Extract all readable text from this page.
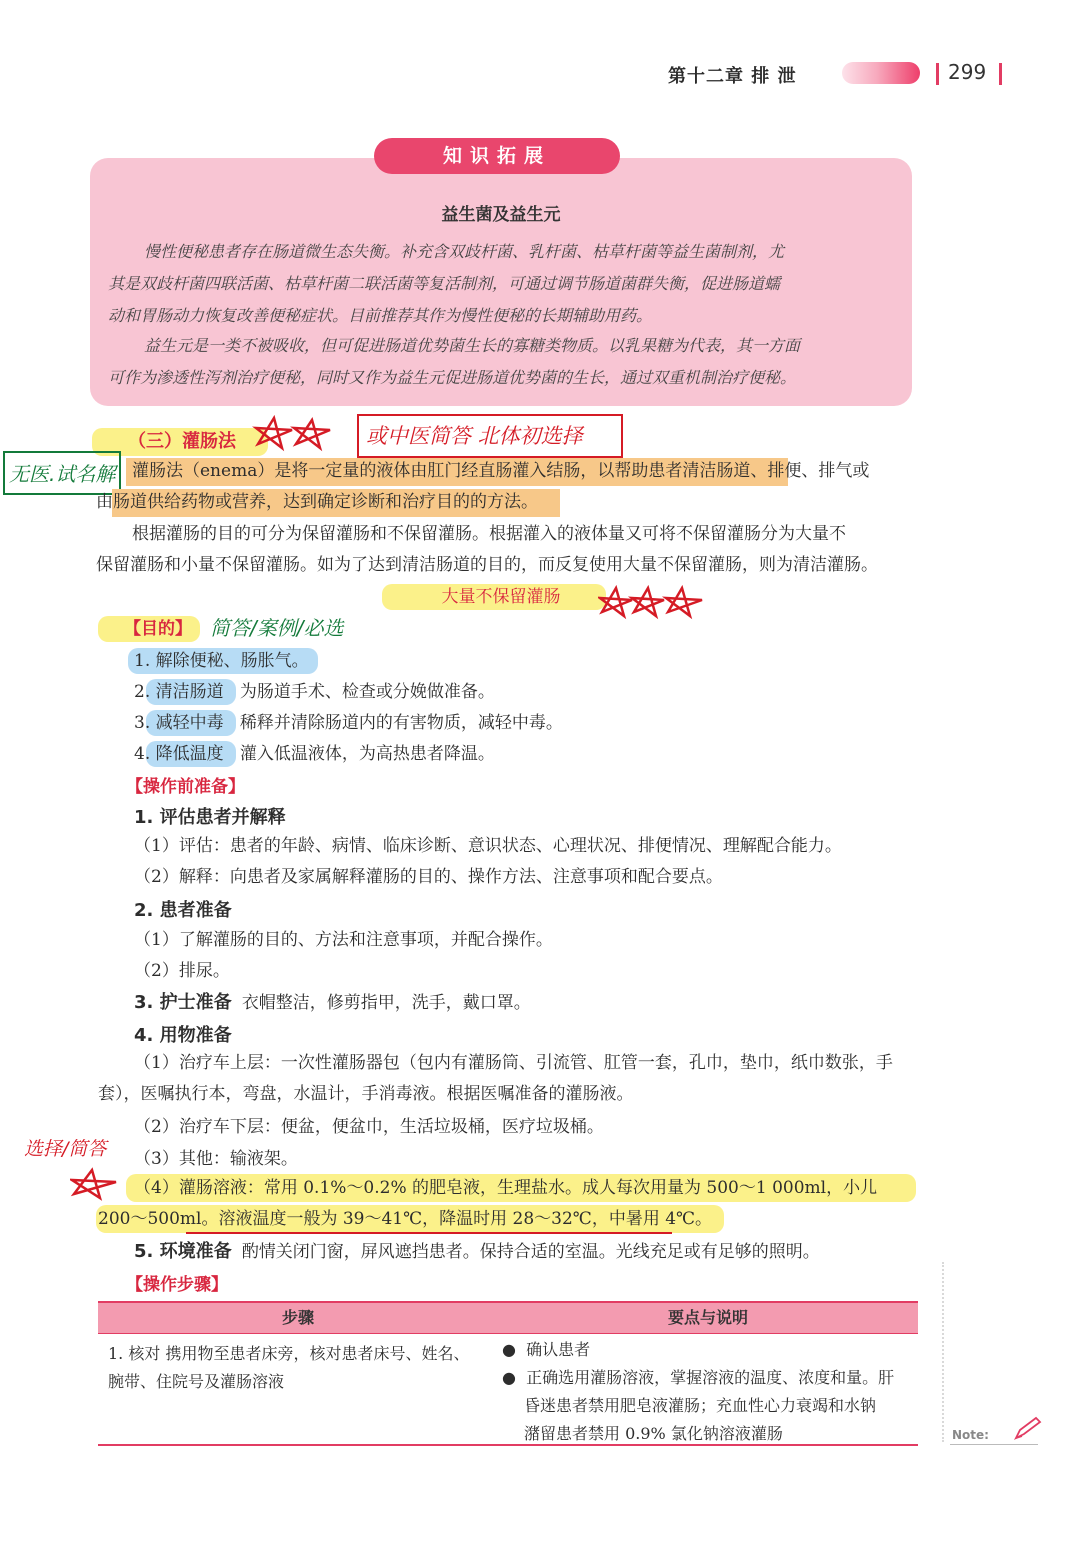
第十二章 排 泄	299
知识拓展
益生菌及益生元
慢性便秘患者存在肠道微生态失衡。补充含双歧杆菌、乳杆菌、枯草杆菌等益生菌制剂，尤
其是双歧杆菌四联活菌、枯草杆菌二联活菌等复活制剂，可通过调节肠道菌群失衡，促进肠道蠕
动和胃肠动力恢复改善便秘症状。目前推荐其作为慢性便秘的长期辅助用药。
益生元是一类不被吸收，但可促进肠道优势菌生长的寡糖类物质。以乳果糖为代表，其一方面
可作为渗透性泻剂治疗便秘，同时又作为益生元促进肠道优势菌的生长，通过双重机制治疗便秘。
（三）灌肠法	或中医简答 北体初选择
无医.试名解 灌肠法（enema）是将一定量的液体由肛门经直肠灌入结肠，以帮助患者清洁肠道、排便、排气或
由肠道供给药物或营养，达到确定诊断和治疗目的的方法。
根据灌肠的目的可分为保留灌肠和不保留灌肠。根据灌入的液体量又可将不保留灌肠分为大量不
保留灌肠和小量不保留灌肠。如为了达到清洁肠道的目的，而反复使用大量不保留灌肠，则为清洁灌肠。
大量不保留灌肠
【目的】 简答/案例/必选
1. 解除便秘、肠胀气。
2. 清洁肠道 为肠道手术、检查或分娩做准备。
3. 减轻中毒 稀释并清除肠道内的有害物质，减轻中毒。
4. 降低温度 灌入低温液体，为高热患者降温。
【操作前准备】
1. 评估患者并解释
（1）评估：患者的年龄、病情、临床诊断、意识状态、心理状况、排便情况、理解配合能力。
（2）解释：向患者及家属解释灌肠的目的、操作方法、注意事项和配合要点。
2. 患者准备
（1）了解灌肠的目的、方法和注意事项，并配合操作。
（2）排尿。
3. 护士准备 衣帽整洁，修剪指甲，洗手，戴口罩。
4. 用物准备
（1）治疗车上层：一次性灌肠器包（包内有灌肠筒、引流管、肛管一套，孔巾，垫巾，纸巾数张，手
套），医嘱执行本，弯盘，水温计，手消毒液。根据医嘱准备的灌肠液。
（2）治疗车下层：便盆，便盆巾，生活垃圾桶，医疗垃圾桶。
选择/简答 （3）其他：输液架。
（4）灌肠溶液：常用 0.1%～0.2% 的肥皂液，生理盐水。成人每次用量为 500～1 000ml，小儿
200～500ml。溶液温度一般为 39～41℃，降温时用 28～32℃，中暑用 4℃。
5. 环境准备 酌情关闭门窗，屏风遮挡患者。保持合适的室温。光线充足或有足够的照明。
【操作步骤】
步骤	要点与说明
1. 核对 携用物至患者床旁，核对患者床号、姓名、
腕带、住院号及灌肠溶液
●  确认患者
●  正确选用灌肠溶液，掌握溶液的温度、浓度和量。肝
昏迷患者禁用肥皂液灌肠；充血性心力衰竭和水钠
潴留患者禁用 0.9% 氯化钠溶液灌肠	Note:
